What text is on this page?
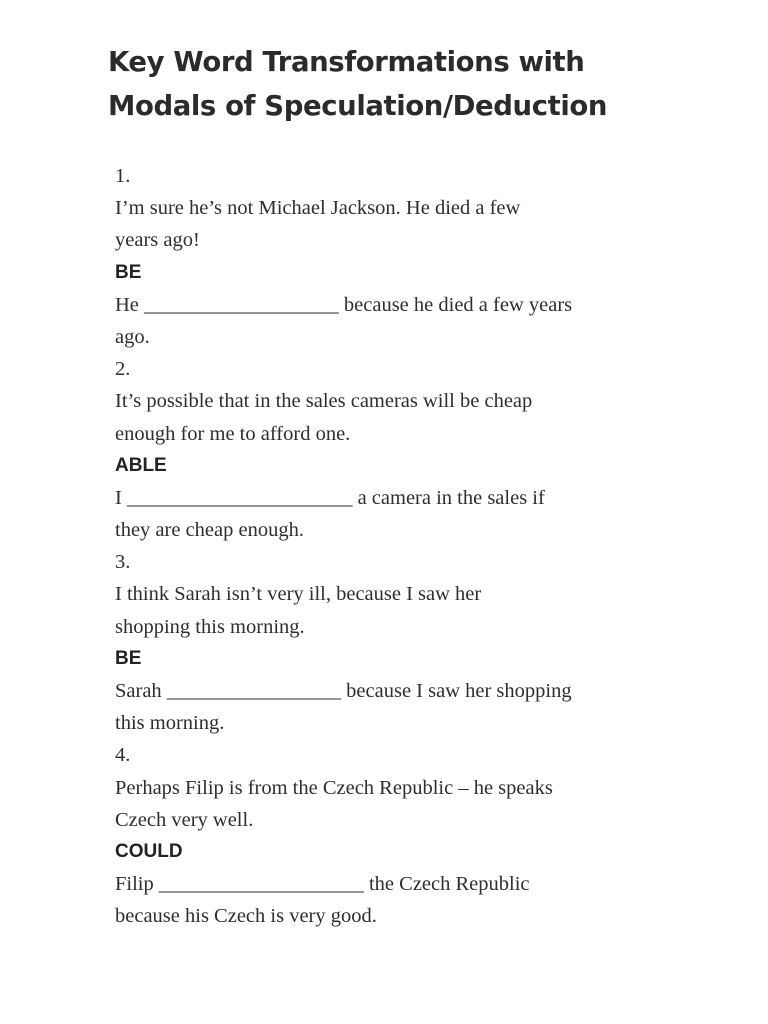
Key Word Transformations with
Modals of Speculation/Deduction
1.
I’m sure he’s not Michael Jackson. He died a few
years ago!
BE
He ___________________ because he died a few years
ago.
2.
It’s possible that in the sales cameras will be cheap
enough for me to afford one.
ABLE
I ______________________ a camera in the sales if
they are cheap enough.
3.
I think Sarah isn’t very ill, because I saw her
shopping this morning.
BE
Sarah _________________ because I saw her shopping
this morning.
4.
Perhaps Filip is from the Czech Republic – he speaks
Czech very well.
COULD
Filip ____________________ the Czech Republic
because his Czech is very good.
